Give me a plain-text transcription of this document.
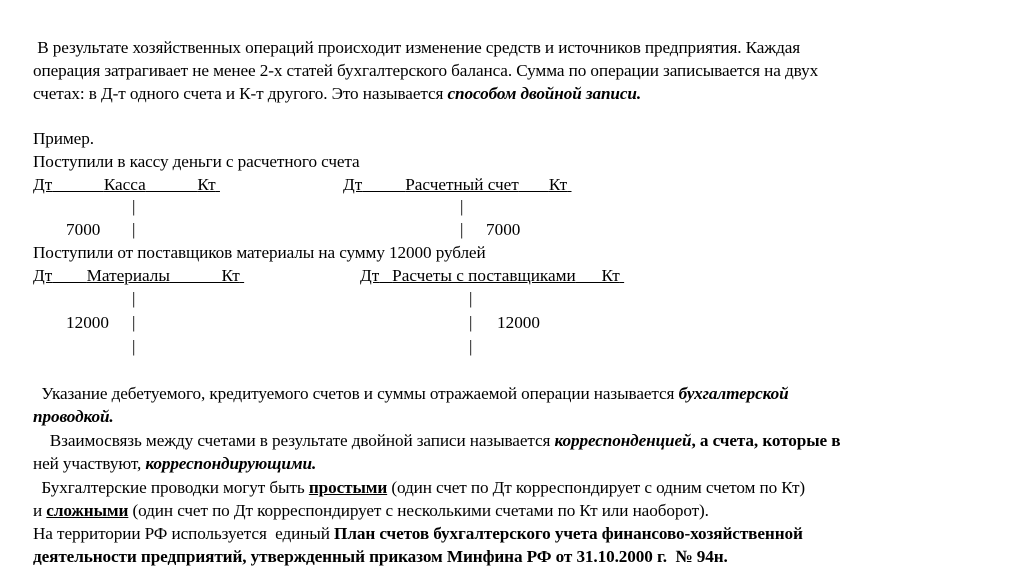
В результате хозяйственных операций происходит изменение средств и источников предприятия. Каждая
операция затрагивает не менее 2-х статей бухгалтерского баланса. Сумма по операции записывается на двух
счетах: в Д-т одного счета и К-т другого. Это называется способом двойной записи.
Пример.
Поступили в кассу деньги с расчетного счета
Дт	Касса	Кт	Дт Расчетный счет Кт
|	|
7000 |	| 7000
Поступили от поставщиков материалы на сумму 12000 рублей
Дт Материалы	Кт	Дт Расчеты с поставщиками Кт
|	|
12000 |	| 12000
|	|
Указание дебетуемого, кредитуемого счетов и суммы отражаемой операции называется бухгалтерской
проводкой.
Взаимосвязь между счетами в результате двойной записи называется корреспонденцией, а счета, которые в
ней участвуют, корреспондирующими.
Бухгалтерские проводки могут быть простыми (один счет по Дт корреспондирует с одним счетом по Кт)
и сложными (один счет по Дт корреспондирует с несколькими счетами по Кт или наоборот).
На территории РФ используется  единый План счетов бухгалтерского учета финансово-хозяйственной
деятельности предприятий, утвержденный приказом Минфина РФ от 31.10.2000 г.  № 94н.
